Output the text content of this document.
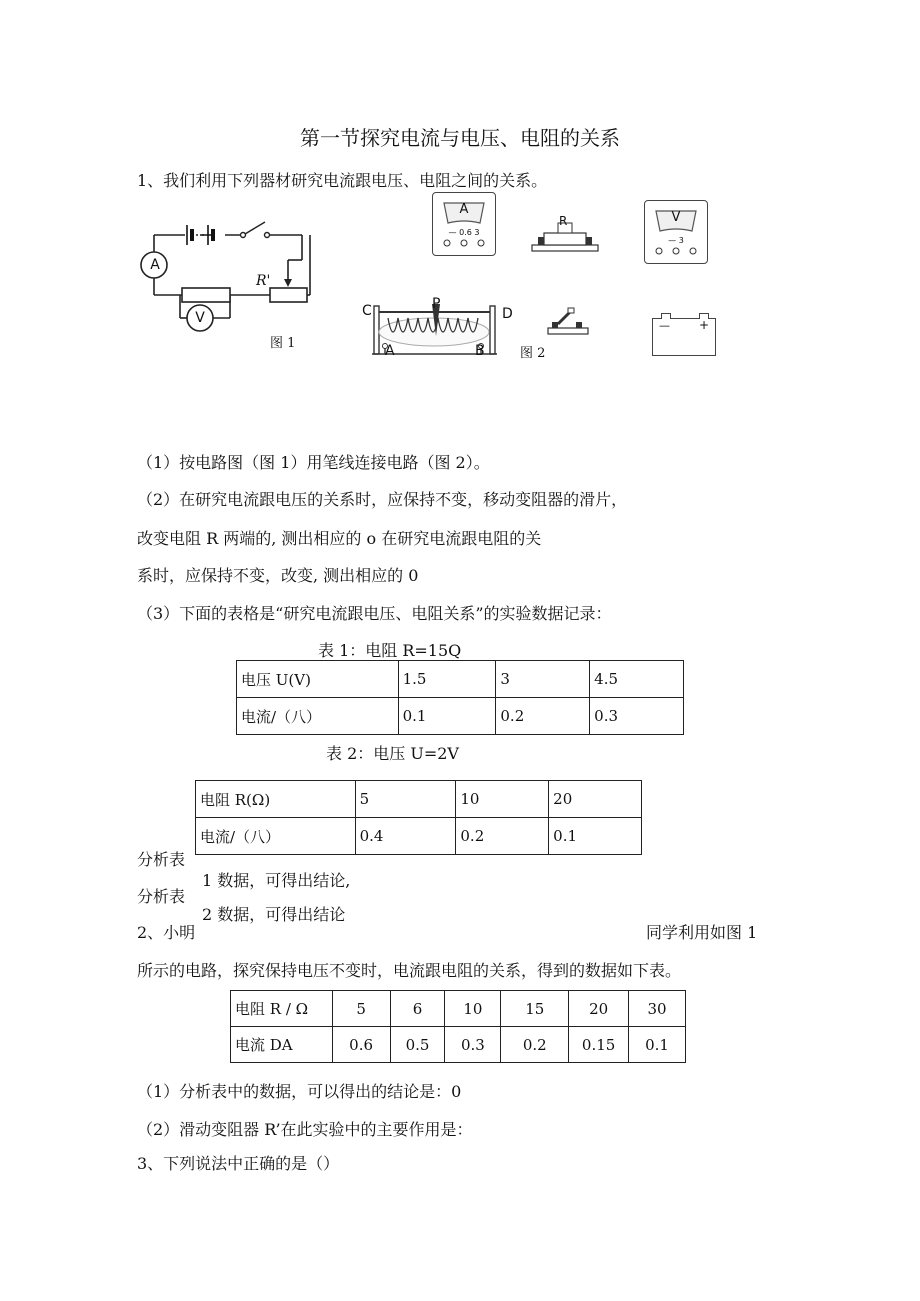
第一节探究电流与电压、电阻的关系
1、我们利用下列器材研究电流跟电压、电阻之间的关系。
A
V
R'
图 1
A
— 0.6 3
R	V
— 3
C	P
D
A	B	图 2
— +
（1）按电路图（图 1）用笔线连接电路（图 2）。
（2）在研究电流跟电压的关系时，应保持不变，移动变阻器的滑片，
改变电阻 R 两端的, 测出相应的 o 在研究电流跟电阻的关
系时，应保持不变，改变, 测出相应的 0
（3）下面的表格是“研究电流跟电压、电阻关系”的实验数据记录：
表 1：电阻 R=15Q
电压 U(V)	1.5	3	4.5
电流/（八）	0.1	0.2	0.3
表 2：电压 U=2V
电阻 R(Ω)	5	10	20
电流/（八）	0.4	0.2	0.1
分析表
1 数据，可得出结论,
分析表
2 数据，可得出结论
2、小明	同学利用如图 1
所示的电路，探究保持电压不变时，电流跟电阻的关系，得到的数据如下表。
电阻 R / Ω	5	6	10	15	20	30
电流 DA	0.6	0.5	0.3	0.2	0.15	0.1
（1）分析表中的数据，可以得出的结论是：0
（2）滑动变阻器 R’在此实验中的主要作用是：
3、下列说法中正确的是（）
